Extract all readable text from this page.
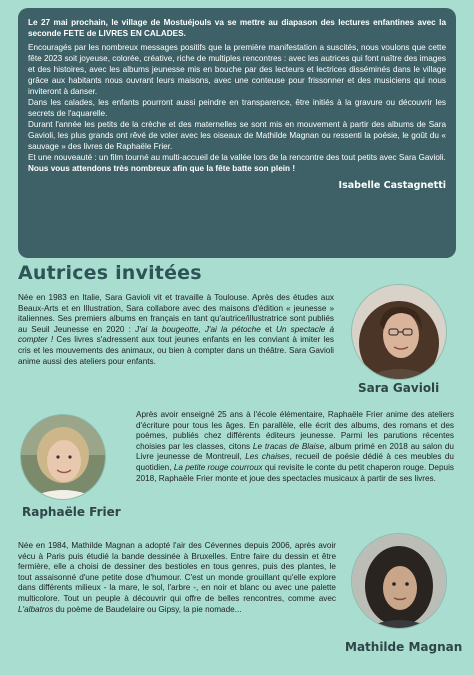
Le 27 mai prochain, le village de Mostuéjouls va se mettre au diapason des lectures enfantines avec la seconde FETE de LIVRES EN CALADES.

Encouragés par les nombreux messages positifs que la première manifestation a suscités, nous voulons que cette fête 2023 soit joyeuse, colorée, créative, riche de multiples rencontres : avec les autrices qui font naître des images et des histoires, avec les albums jeunesse mis en bouche par des lecteurs et lectrices disséminés dans le village grâce aux habitants nous ouvrant leurs maisons, avec une conteuse pour frissonner et des musiciens qui nous inviteront à danser.

Dans les calades, les enfants pourront aussi peindre en transparence, être initiés à la gravure ou découvrir les secrets de l'aquarelle.

Durant l'année les petits de la crèche et des maternelles se sont mis en mouvement à partir des albums de Sara Gavioli, les plus grands ont rêvé de voler avec les oiseaux de Mathilde Magnan ou ressenti la poésie, le goût du « sauvage » des livres de Raphaële Frier.

Et une nouveauté : un film tourné au multi-accueil de la vallée lors de la rencontre des tout petits avec Sara Gavioli.

Nous vous attendons très nombreux afin que la fête batte son plein !

Isabelle Castagnetti

Autrices invitées
Née en 1983 en Italie, Sara Gavioli vit et travaille à Toulouse. Après des études aux Beaux-Arts et en Illustration, Sara collabore avec des maisons d'édition « jeunesse » italiennes. Ses premiers albums en français en tant qu'autrice/illustratrice sont publiés au Seuil Jeunesse en 2020 : J'ai la bougeotte, J'ai la pétoche et Un spectacle à compter ! Ces livres s'adressent aux tout jeunes enfants en les conviant à imiter les cris et les mouvements des animaux, ou bien à compter dans un théâtre. Sara Gavioli anime aussi des ateliers pour enfants.
Sara Gavioli
Raphaële Frier
Après avoir enseigné 25 ans à l'école élémentaire, Raphaële Frier anime des ateliers d'écriture pour tous les âges. En parallèle, elle écrit des albums, des romans et des poèmes, publiés chez différents éditeurs jeunesse. Parmi les parutions récentes choisies par les classes, citons Le tracas de Blaise, album primé en 2018 au salon du Livre jeunesse de Montreuil, Les chaises, recueil de poésie dédié à ces meubles du quotidien, La petite rouge courroux qui revisite le conte du petit chaperon rouge. Depuis 2018, Raphaële Frier monte et joue des spectacles musicaux à partir de ses livres.
Née en 1984, Mathilde Magnan a adopté l'air des Cévennes depuis 2006, après avoir vécu à Paris puis étudié la bande dessinée à Bruxelles. Entre faire du dessin et être fermière, elle a choisi de dessiner des bestioles en tous genres, puis des plantes, le tout assaisonné d'une petite dose d'humour. C'est un monde grouillant qu'elle explore dans différents milieux - la mare, le sol, l'arbre -, en noir et blanc ou avec une palette multicolore. Tout un peuple à découvrir qui offre de belles rencontres, comme avec L'albatros du poème de Baudelaire ou Gipsy, la pie nomade...
Mathilde Magnan
